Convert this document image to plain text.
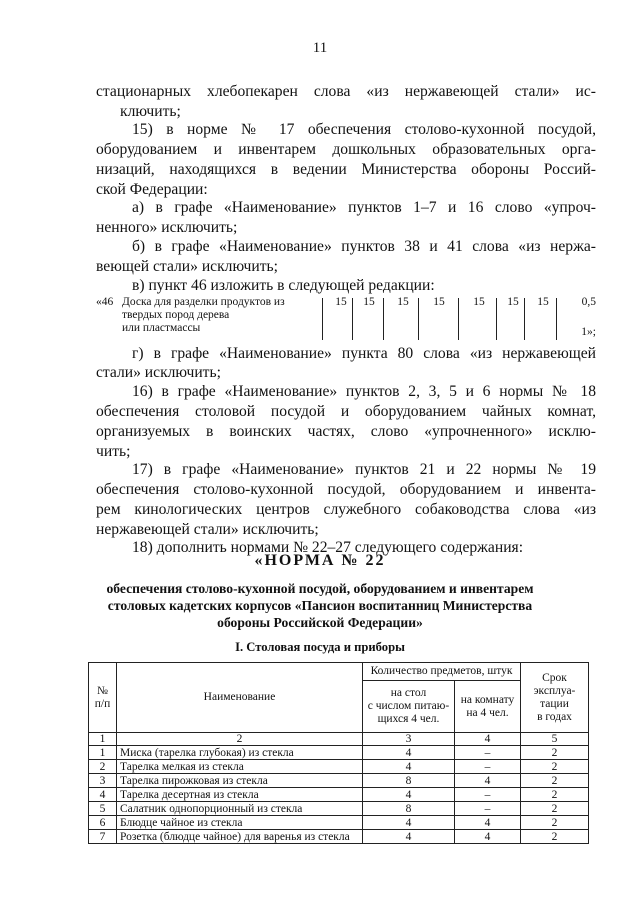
11
стационарных хлебопекарен слова «из нержавеющей стали» ис-
ключить;
15) в норме № 17 обеспечения столово-кухонной посудой,
оборудованием и инвентарем дошкольных образовательных орга-
низаций, находящихся в ведении Министерства обороны Россий-
ской Федерации:
а) в графе «Наименование» пунктов 1–7 и 16 слово «упроч-
ненного» исключить;
б) в графе «Наименование» пунктов 38 и 41 слова «из нержа-
веющей стали» исключить;
в) пункт 46 изложить в следующей редакции:
«46 Доска для разделки продуктов из
твердых пород дерева
или пластмассы
15	15	15	15	15	15	15	0,5
1»;
г) в графе «Наименование» пункта 80 слова «из нержавеющей
стали» исключить;
16) в графе «Наименование» пунктов 2, 3, 5 и 6 нормы № 18
обеспечения столовой посудой и оборудованием чайных комнат,
организуемых в воинских частях, слово «упрочненного» исклю-
чить;
17) в графе «Наименование» пунктов 21 и 22 нормы № 19
обеспечения столово-кухонной посудой, оборудованием и инвента-
рем кинологических центров служебного собаководства слова «из
нержавеющей стали» исключить;
18) дополнить нормами № 22–27 следующего содержания:
«НОРМА № 22
обеспечения столово-кухонной посудой, оборудованием и инвентарем
столовых кадетских корпусов «Пансион воспитанниц Министерства
обороны Российской Федерации»
I. Столовая посуда и приборы
№
п/п	Наименование	Количество предметов, штук		Срок
эксплуа-
тации
в годах
		на стол
с числом питаю-
щихся 4 чел.	на комнату
на 4 чел.	
1	2	3	4	5
1	Миска (тарелка глубокая) из стекла	4	–	2
2	Тарелка мелкая из стекла	4	–	2
3	Тарелка пирожковая из стекла	8	4	2
4	Тарелка десертная из стекла	4	–	2
5	Салатник однопорционный из стекла	8	–	2
6	Блюдце чайное из стекла	4	4	2
7	Розетка (блюдце чайное) для варенья из стекла	4	4	2
